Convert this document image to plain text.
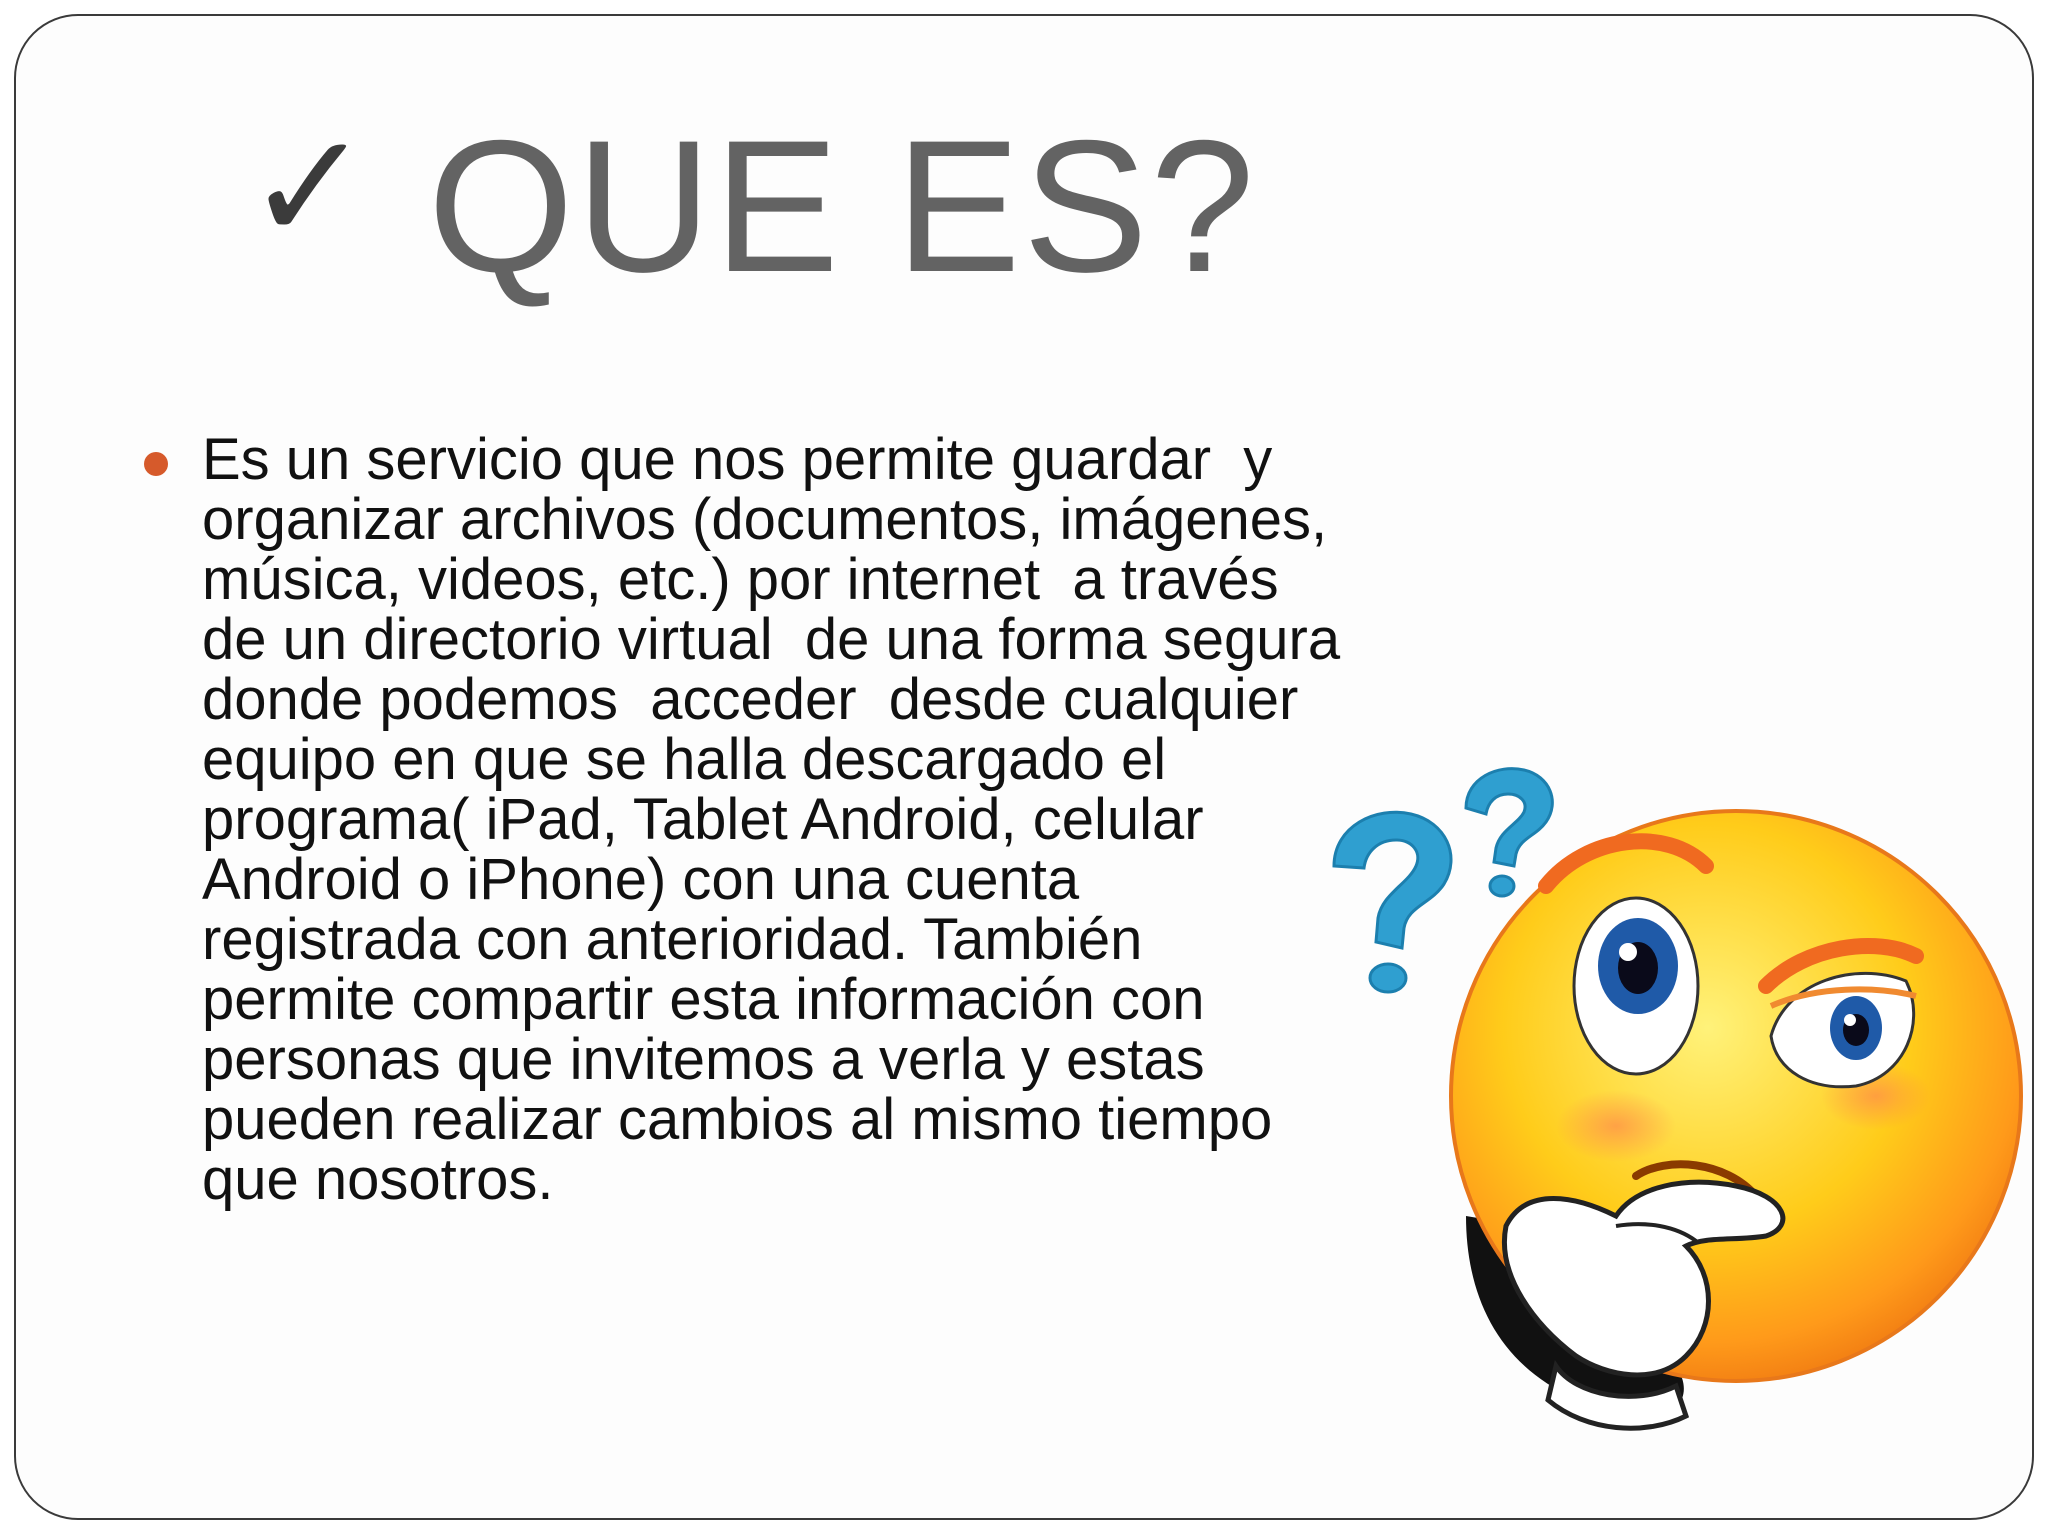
✓ QUE ES?
Es un servicio que nos permite guardar  y
organizar archivos (documentos, imágenes,
música, videos, etc.) por internet  a través
de un directorio virtual  de una forma segura
donde podemos  acceder  desde cualquier
equipo en que se halla descargado el
programa( iPad, Tablet Android, celular
Android o iPhone) con una cuenta
registrada con anterioridad. También
permite compartir esta información con
personas que invitemos a verla y estas
pueden realizar cambios al mismo tiempo
que nosotros.
